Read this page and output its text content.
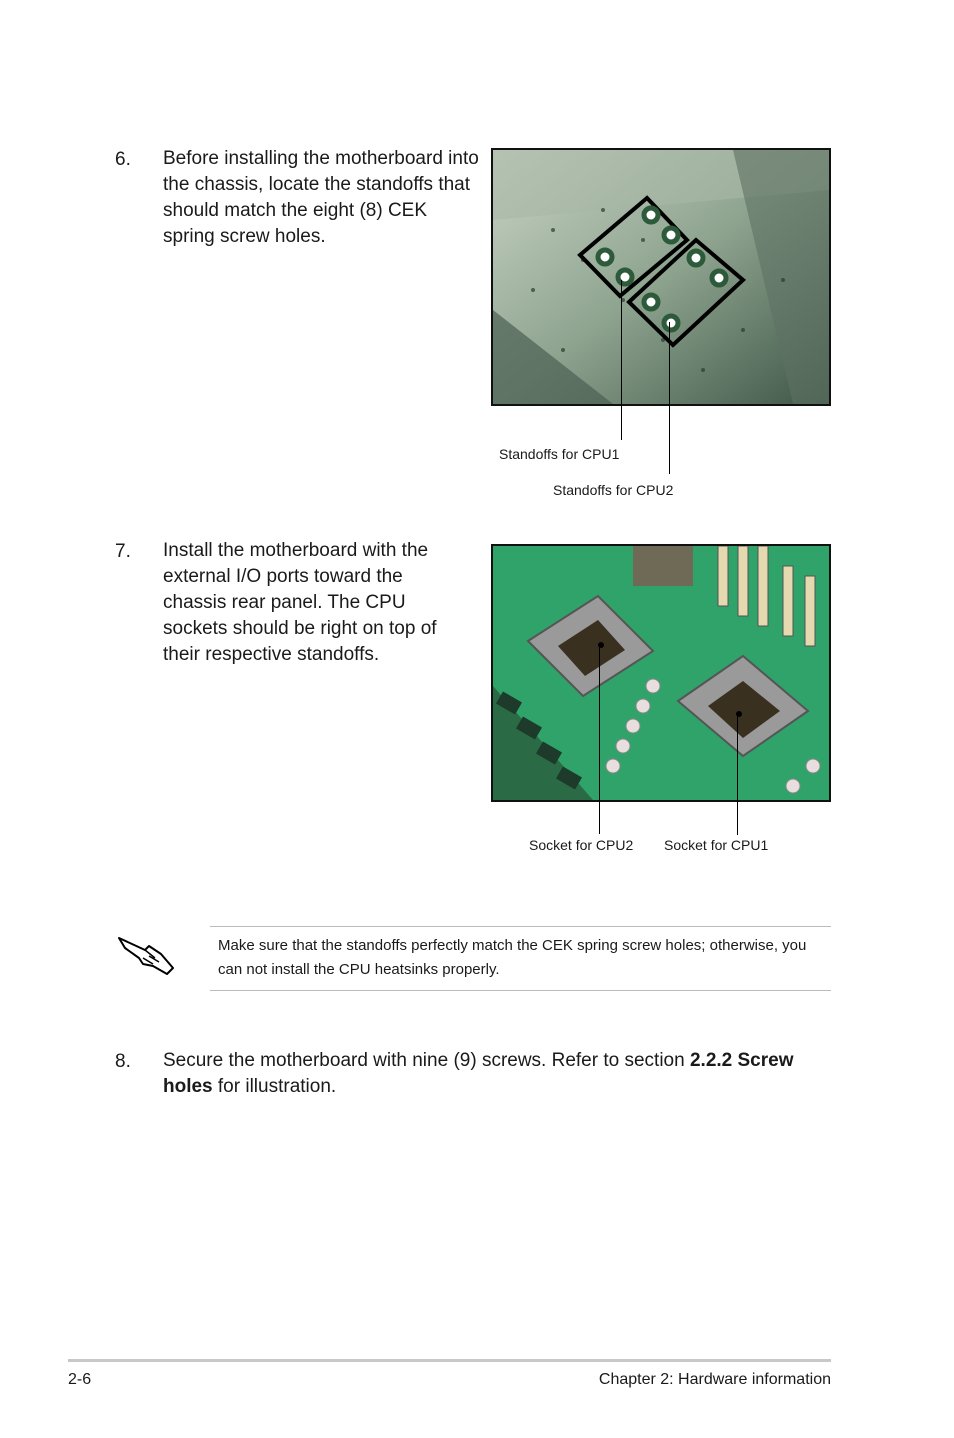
6. Before installing the motherboard into the chassis, locate the standoffs that should match the eight (8) CEK spring screw holes.
Standoffs for CPU1
Standoffs for CPU2
7. Install the motherboard with the external I/O ports toward the chassis rear panel. The CPU sockets should be right on top of their respective standoffs.
Socket for CPU2 Socket for CPU1
Make sure that the standoffs perfectly match the CEK spring screw holes; otherwise, you can not install the CPU heatsinks properly.
8. Secure the motherboard with nine (9) screws. Refer to section 2.2.2 Screw holes for illustration.
2-6	Chapter 2: Hardware information
